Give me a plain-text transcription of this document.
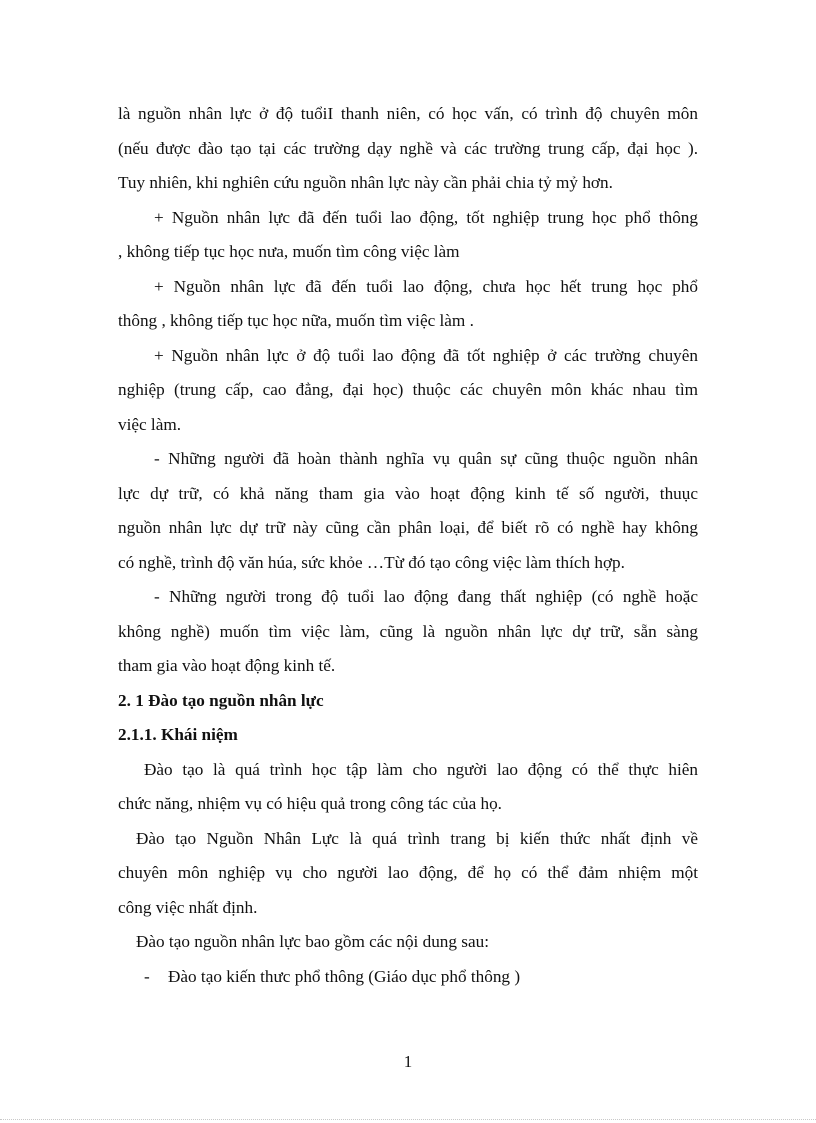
là nguồn nhân lực ở độ tuổiI thanh niên, có học vấn, có trình độ chuyên môn
(nếu được đào tạo tại các trường dạy nghề và các trường trung cấp, đại học ).
Tuy nhiên, khi nghiên cứu nguồn nhân lực này cần phải chia tỷ mỷ hơn.
+ Nguồn nhân lực đã đến tuổi lao động, tốt nghiệp trung học phổ thông
, không tiếp tục học nưa, muốn tìm công việc làm
+ Nguồn nhân lực đã đến tuổi lao động, chưa học hết trung học phổ
thông , không tiếp tục học nữa, muốn tìm việc làm .
+ Nguồn nhân lực ở độ tuổi lao động đã tốt nghiệp ở các trường chuyên
nghiệp (trung cấp, cao đẳng, đại học) thuộc các chuyên môn khác nhau tìm
việc làm.
- Những người đã hoàn thành nghĩa vụ quân sự cũng thuộc nguồn nhân
lực dự trữ, có khả năng tham gia vào hoạt động kinh tế số người, thuục
nguồn nhân lực dự trữ này cũng cần phân loại, để biết rõ có nghề hay không
có nghề, trình độ văn húa, sức khỏe …Từ đó tạo công việc làm thích hợp.
- Những người trong độ tuổi lao động đang thất nghiệp (có nghề hoặc
không nghề) muốn tìm việc làm, cũng là nguồn nhân lực dự trữ, sẵn sàng
tham gia vào hoạt động kinh tế.
2. 1 Đào tạo nguồn nhân lực
2.1.1. Khái niệm
Đào tạo là quá trình học tập làm cho người lao động có thể thực hiên
chức năng, nhiệm vụ có hiệu quả trong công tác của họ.
Đào tạo Nguồn Nhân Lực là quá trình trang bị kiến thức nhất định về
chuyên môn nghiệp vụ cho người lao động, để họ có thể đảm nhiệm một
công việc nhất định.
Đào tạo nguồn nhân lực bao gồm các nội dung sau:
-	Đào tạo kiến thưc phổ thông (Giáo dục phổ thông )
1
